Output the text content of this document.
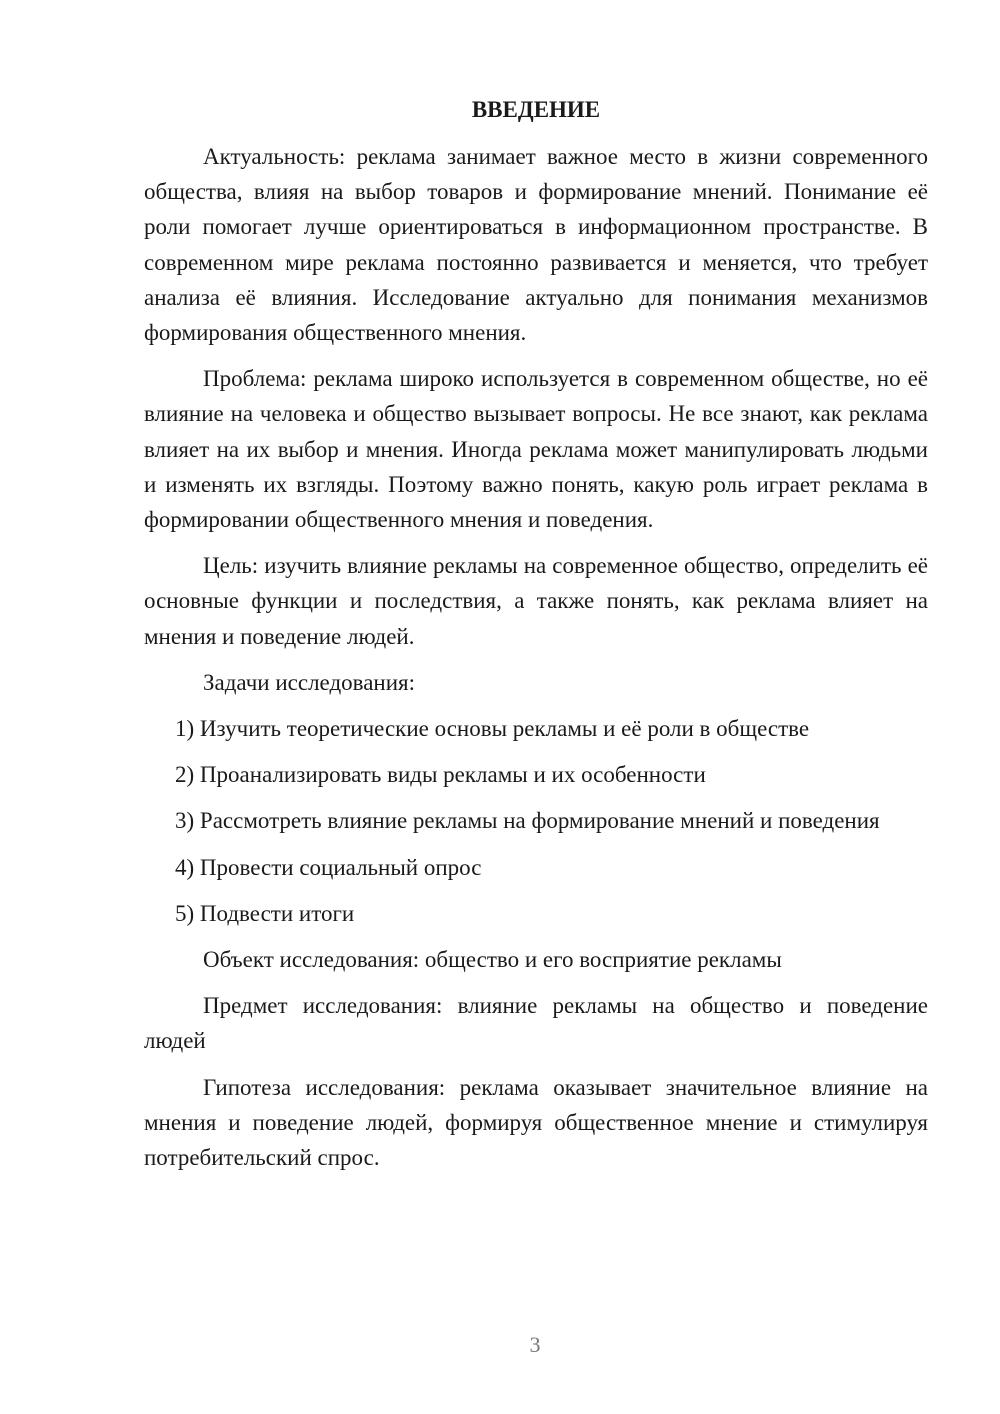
ВВЕДЕНИЕ

Актуальность: реклама занимает важное место в жизни современного общества, влияя на выбор товаров и формирование мнений. Понимание её роли помогает лучше ориентироваться в информационном пространстве. В современном мире реклама постоянно развивается и меняется, что требует анализа её влияния. Исследование актуально для понимания механизмов формирования общественного мнения.

Проблема: реклама широко используется в современном обществе, но её влияние на человека и общество вызывает вопросы. Не все знают, как реклама влияет на их выбор и мнения. Иногда реклама может манипулировать людьми и изменять их взгляды. Поэтому важно понять, какую роль играет реклама в формировании общественного мнения и поведения.

Цель: изучить влияние рекламы на современное общество, определить её основные функции и последствия, а также понять, как реклама влияет на мнения и поведение людей.

Задачи исследования:

1) Изучить теоретические основы рекламы и её роли в обществе

2) Проанализировать виды рекламы и их особенности

3) Рассмотреть влияние рекламы на формирование мнений и поведения

4) Провести социальный опрос

5) Подвести итоги

Объект исследования: общество и его восприятие рекламы

Предмет исследования: влияние рекламы на общество и поведение людей

Гипотеза исследования: реклама оказывает значительное влияние на мнения и поведение людей, формируя общественное мнение и стимулируя потребительский спрос.

3
